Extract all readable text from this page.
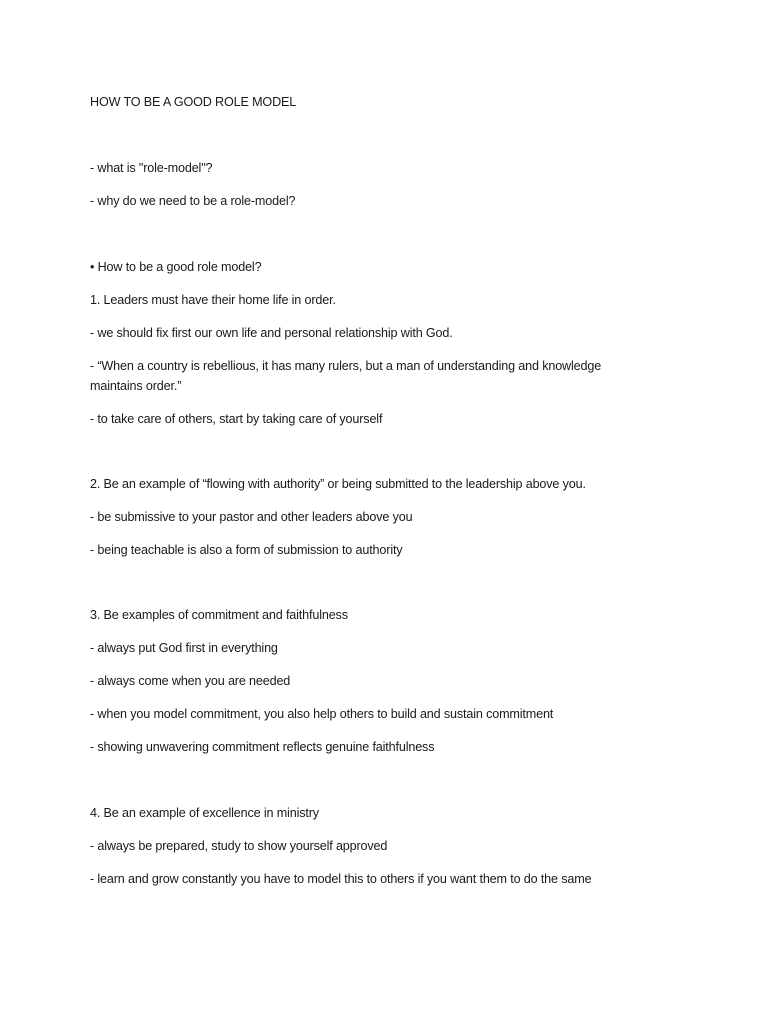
HOW TO BE A GOOD ROLE MODEL
- what is "role-model"?
- why do we need to be a role-model?
• How to be a good role model?
1. Leaders must have their home life in order.
- we should fix first our own life and personal relationship with God.
- “When a country is rebellious, it has many rulers, but a man of understanding and knowledge maintains order.”
- to take care of others, start by taking care of yourself
2. Be an example of “flowing with authority” or being submitted to the leadership above you.
- be submissive to your pastor and other leaders above you
- being teachable is also a form of submission to authority
3. Be examples of commitment and faithfulness
- always put God first in everything
- always come when you are needed
- when you model commitment, you also help others to build and sustain commitment
- showing unwavering commitment reflects genuine faithfulness
4. Be an example of excellence in ministry
- always be prepared, study to show yourself approved
- learn and grow constantly you have to model this to others if you want them to do the same
